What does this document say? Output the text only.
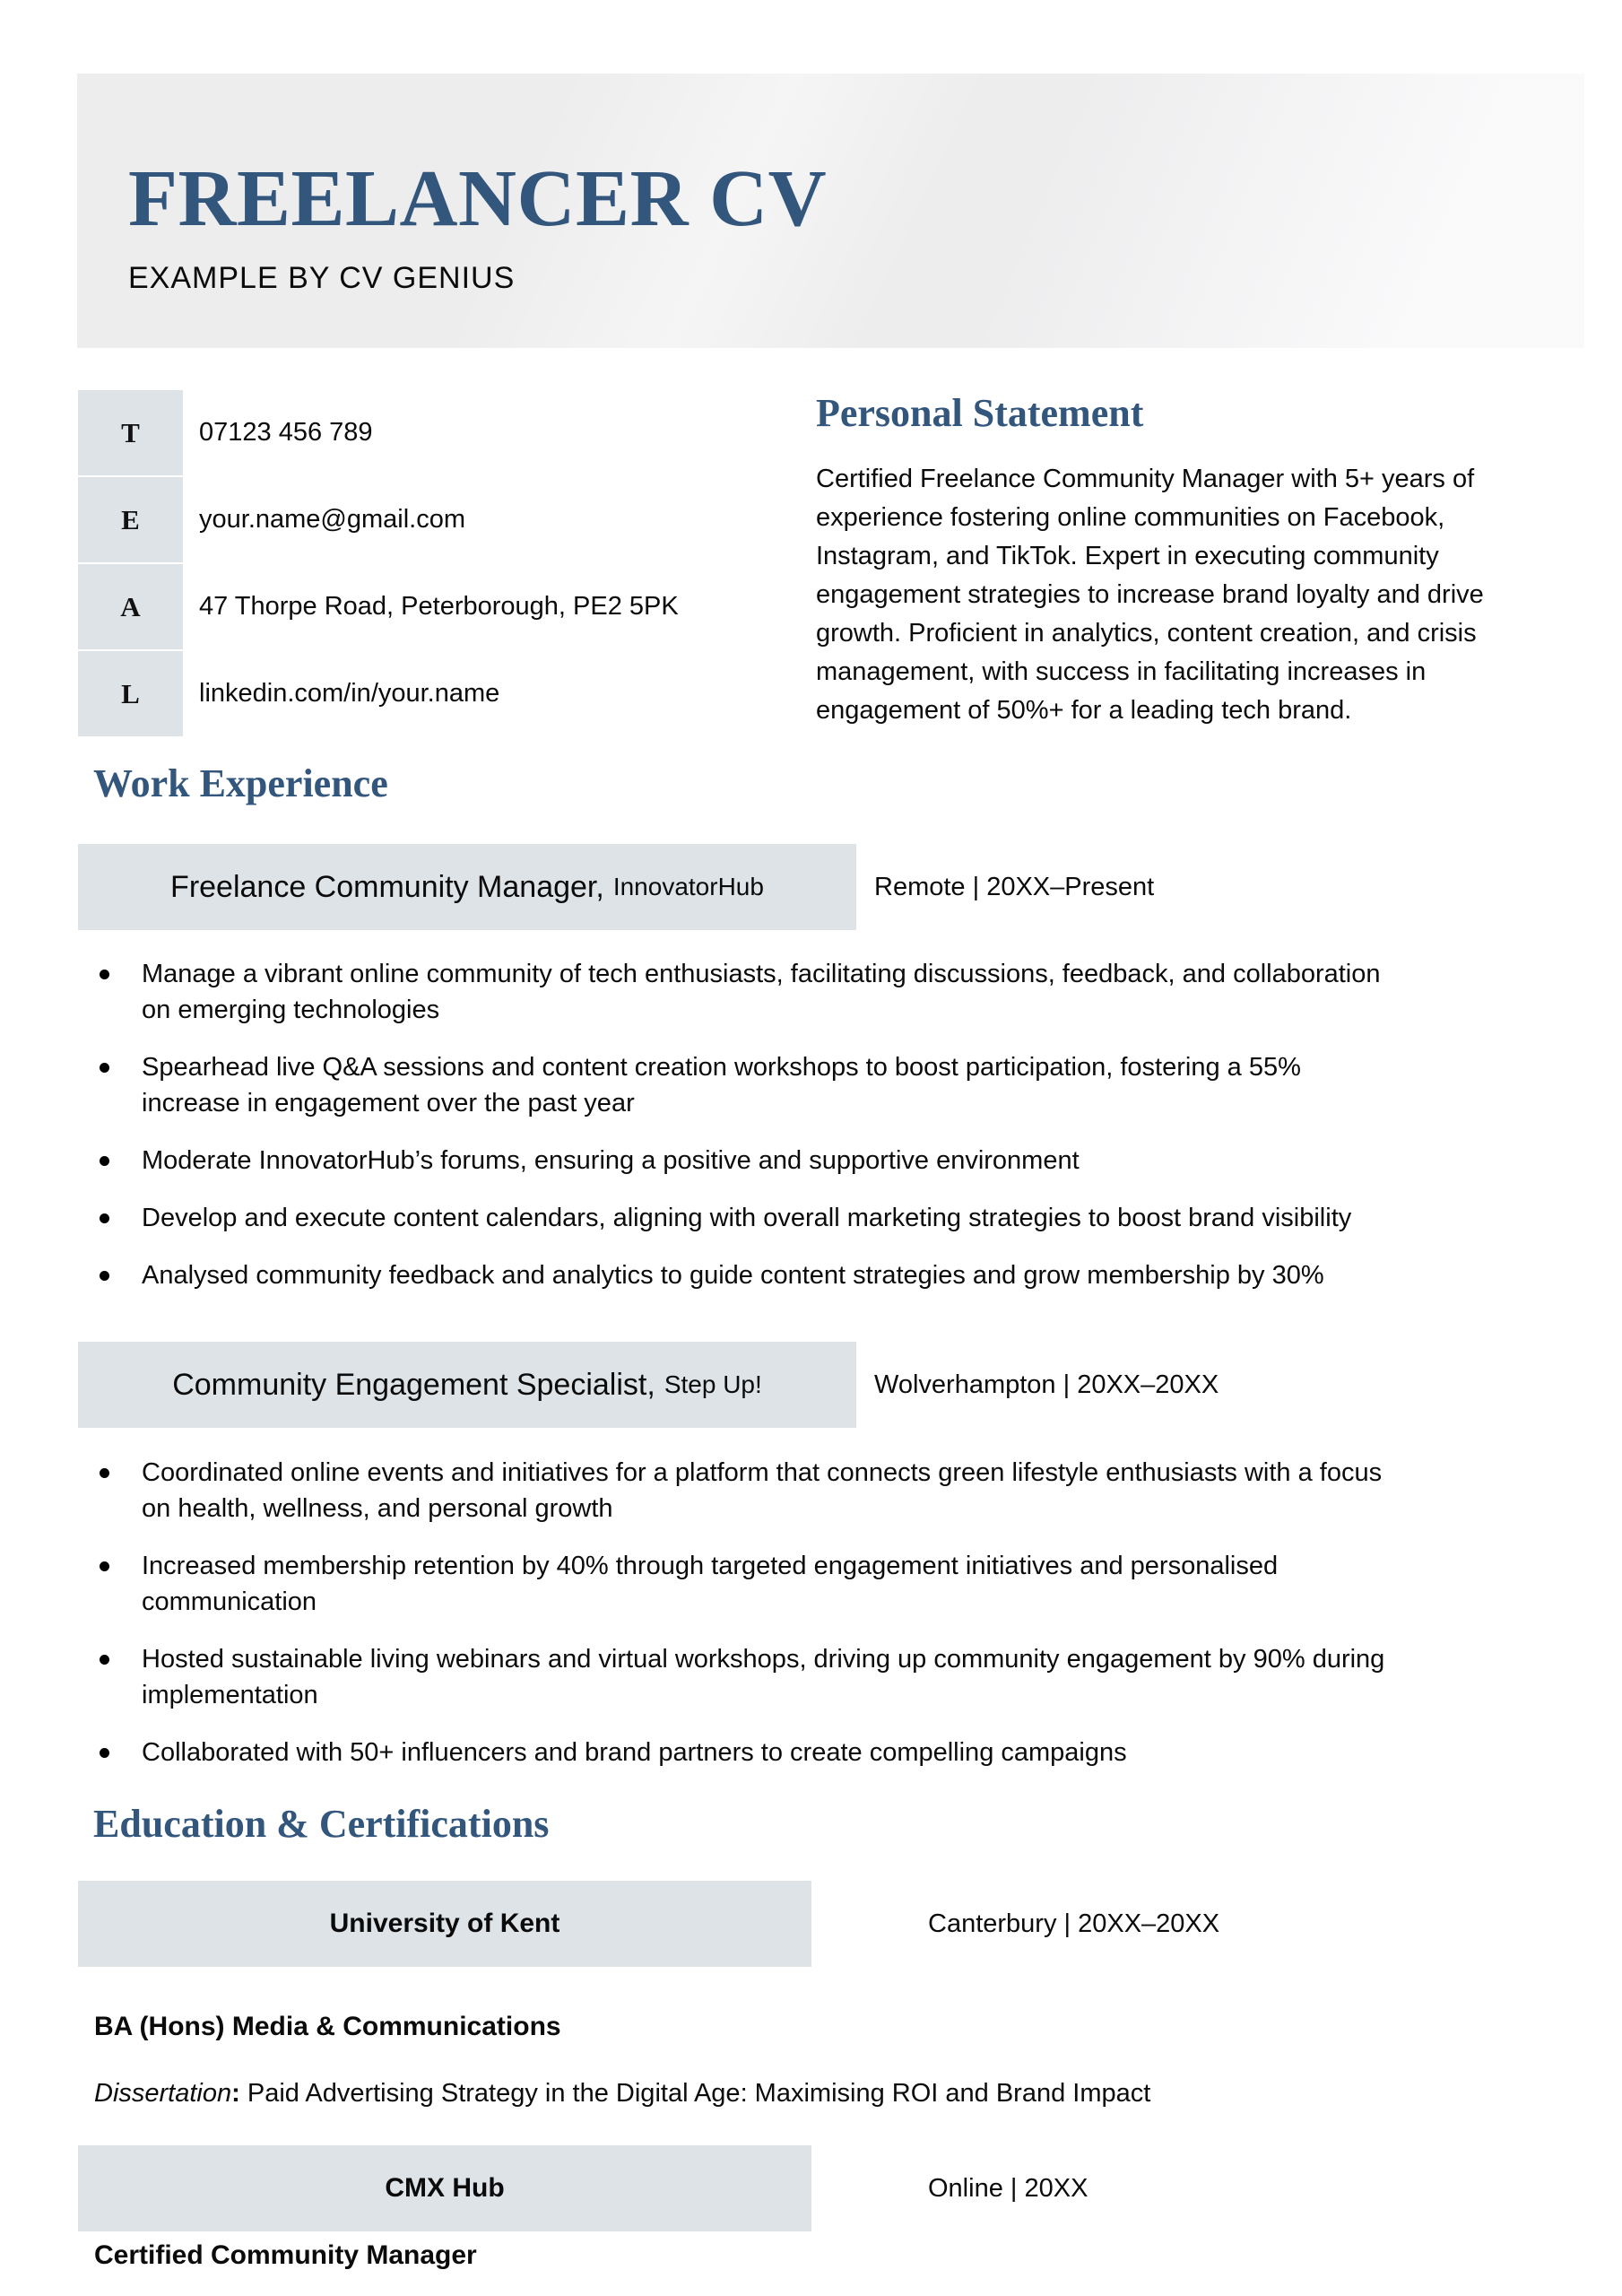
FREELANCER CV
EXAMPLE BY CV GENIUS
T	07123 456 789
E	your.name@gmail.com
A	47 Thorpe Road, Peterborough, PE2 5PK
L	linkedin.com/in/your.name
Personal Statement

Certified Freelance Community Manager with 5+ years of experience fostering online communities on Facebook, Instagram, and TikTok. Expert in executing community engagement strategies to increase brand loyalty and drive growth. Proficient in analytics, content creation, and crisis management, with success in facilitating increases in engagement of 50%+ for a leading tech brand.

Work Experience
Freelance Community Manager, InnovatorHub	Remote | 20XX–Present
Manage a vibrant online community of tech enthusiasts, facilitating discussions, feedback, and collaboration on emerging technologies
Spearhead live Q&A sessions and content creation workshops to boost participation, fostering a 55% increase in engagement over the past year
Moderate InnovatorHub’s forums, ensuring a positive and supportive environment
Develop and execute content calendars, aligning with overall marketing strategies to boost brand visibility
Analysed community feedback and analytics to guide content strategies and grow membership by 30%
Community Engagement Specialist, Step Up!	Wolverhampton | 20XX–20XX
Coordinated online events and initiatives for a platform that connects green lifestyle enthusiasts with a focus on health, wellness, and personal growth
Increased membership retention by 40% through targeted engagement initiatives and personalised communication
Hosted sustainable living webinars and virtual workshops, driving up community engagement by 90% during implementation
Collaborated with 50+ influencers and brand partners to create compelling campaigns
Education & Certifications
University of Kent	Canterbury | 20XX–20XX
BA (Hons) Media & Communications
Dissertation: Paid Advertising Strategy in the Digital Age: Maximising ROI and Brand Impact
CMX Hub	Online | 20XX
Certified Community Manager
